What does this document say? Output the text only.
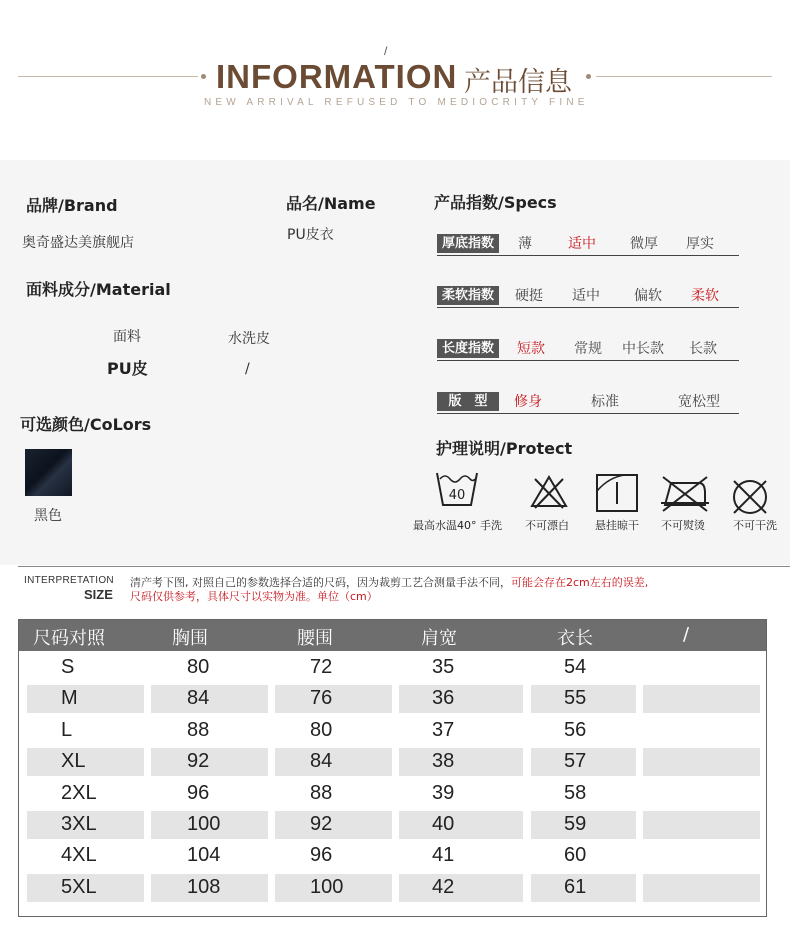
/
INFORMATION 产品信息
NEW ARRIVAL REFUSED TO MEDIOCRITY FINE
品牌/Brand
奥奇盛达美旗舰店
品名/Name
PU皮衣
面料成分/Material
面料
PU皮
水洗皮
/
可选颜色/CoLors
黑色
产品指数/Specs
厚底指数	薄	适中 微厚 厚实
柔软指数	硬挺 适中 偏软 柔软
长度指数	短款 常规 中长款 长款
版　型	修身	标准	宽松型
护理说明/Protect
40
最高水温40° 手洗 不可漂白 悬挂晾干 不可熨烫	不可干洗
INTERPRETATION
SIZE
清产考下图, 对照自己的参数选择合适的尺码，因为裁剪工艺合测量手法不同，可能会存在2cm左右的误差,
尺码仅供参考，具体尺寸以实物为准。单位（cm）
尺码对照	胸围	腰围	肩宽	衣长	/
S	80	72	35	54
M	84	76	36	55
L	88	80	37	56
XL	92	84	38	57
2XL	96	88	39	58
3XL	100	92	40	59
4XL	104	96	41	60
5XL	108	100	42	61
